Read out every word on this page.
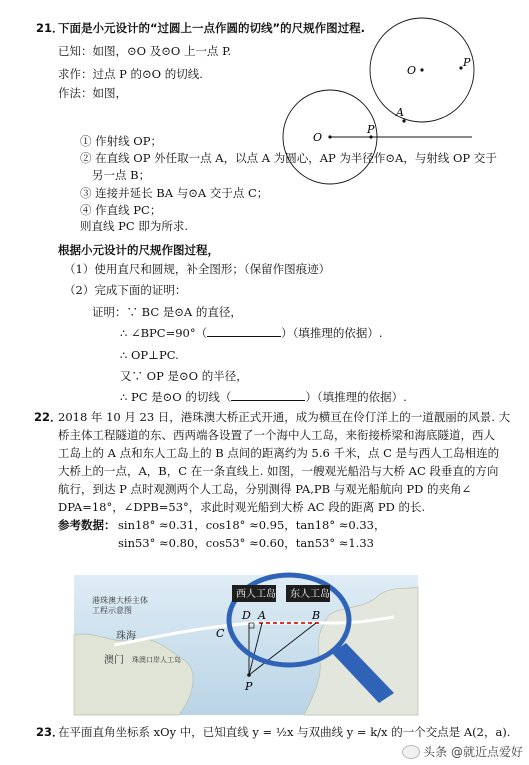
21．
下面是小元设计的“过圆上一点作圆的切线”的尺规作图过程.
已知：如图，⊙O 及⊙O 上一点 P.
求作：过点 P 的⊙O 的切线.
作法：如图，
O
P
O
P
A
① 作射线 OP；
② 在直线 OP 外任取一点 A，以点 A 为圆心，AP 为半径作⊙A，与射线 OP 交于
另一点 B；
③ 连接并延长 BA 与⊙A 交于点 C；
④ 作直线 PC；
则直线 PC 即为所求.
根据小元设计的尺规作图过程，
（1）使用直尺和圆规，补全图形；（保留作图痕迹）
（2）完成下面的证明：
证明：∵ BC 是⊙A 的直径，
∴ ∠BPC=90°（	）（填推理的依据）.
∴ OP⊥PC.
又∵ OP 是⊙O 的半径，
∴ PC 是⊙O 的切线（	）（填推理的依据）.
22．
2018 年 10 月 23 日，港珠澳大桥正式开通，成为横亘在伶仃洋上的一道靓丽的风景. 大
桥主体工程隧道的东、西两端各设置了一个海中人工岛，来衔接桥梁和海底隧道，西人
工岛上的 A 点和东人工岛上的 B 点间的距离约为 5.6 千米，点 C 是与西人工岛相连的
大桥上的一点，A，B，C 在一条直线上. 如图，一艘观光船沿与大桥 AC 段垂直的方向
航行，到达 P 点时观测两个人工岛，分别测得 PA,PB 与观光船航向 PD 的夹角∠
DPA=18°，∠DPB=53°，求此时观光船到大桥 AC 段的距离 PD 的长.
参考数据： sin18° ≈0.31，cos18° ≈0.95，tan18° ≈0.33，
sin53° ≈0.80，cos53° ≈0.60，tan53° ≈1.33
西人工岛 东人工岛
港珠澳大桥主体
工程示意图
珠海
澳门 珠澳口岸人工岛
C
D A	B
P
23．
在平面直角坐标系 xOy 中，已知直线 y = ½x 与双曲线 y = k/x 的一个交点是 A(2，a).
头条 @就近点爱好
